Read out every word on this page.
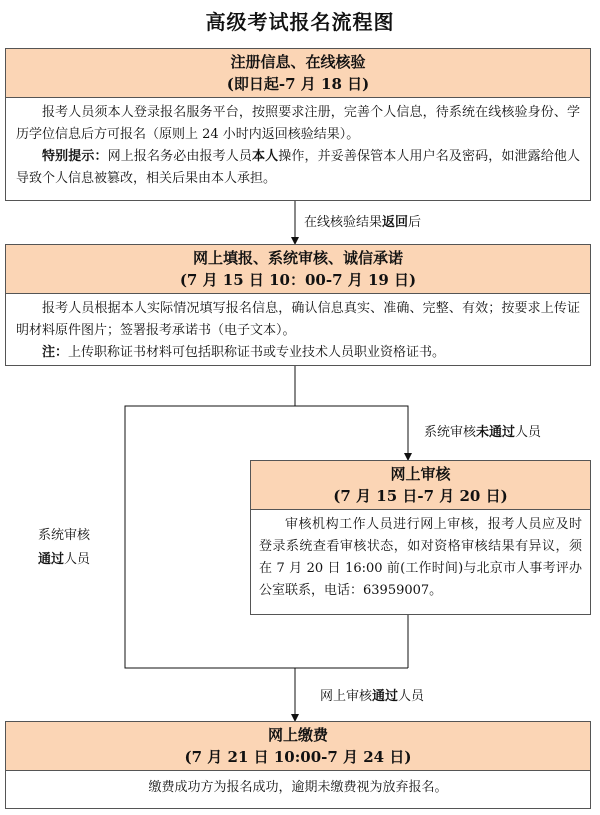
高级考试报名流程图
注册信息、在线核验
(即日起-7 月 18 日)

报考人员须本人登录报名服务平台，按照要求注册，完善个人信息，待系统在线核验身份、学历学位信息后方可报名（原则上 24 小时内返回核验结果）。

特别提示：网上报名务必由报考人员本人操作，并妥善保管本人用户名及密码，如泄露给他人导致个人信息被篡改，相关后果由本人承担。

在线核验结果返回后
网上填报、系统审核、诚信承诺
(7 月 15 日 10：00-7 月 19 日)

报考人员根据本人实际情况填写报名信息，确认信息真实、准确、完整、有效；按要求上传证明材料原件图片；签署报考承诺书（电子文本）。

注：上传职称证书材料可包括职称证书或专业技术人员职业资格证书。

系统审核未通过人员
系统审核
通过人员
网上审核
(7 月 15 日-7 月 20 日)

审核机构工作人员进行网上审核，报考人员应及时登录系统查看审核状态，如对资格审核结果有异议，须在 7 月 20 日 16:00 前(工作时间)与北京市人事考评办公室联系，电话：63959007。

网上审核通过人员
网上缴费
(7 月 21 日 10:00-7 月 24 日)

缴费成功方为报名成功，逾期未缴费视为放弃报名。
